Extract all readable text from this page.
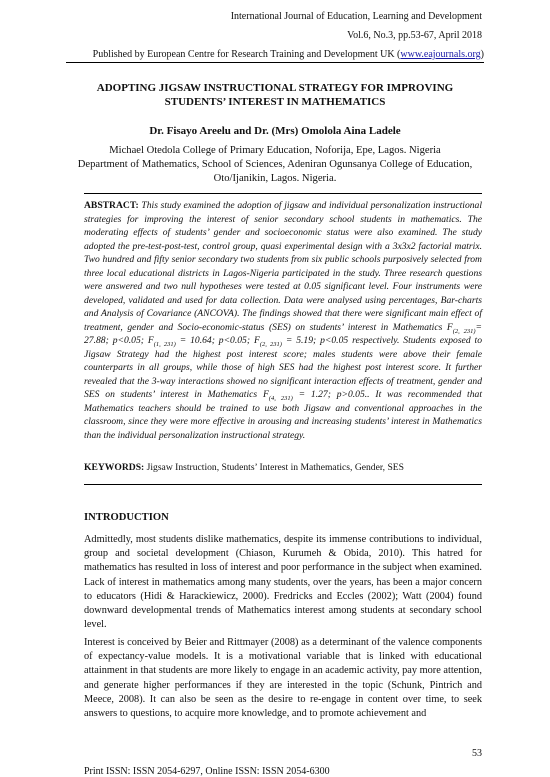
International Journal of Education, Learning and Development
Vol.6, No.3, pp.53-67, April 2018
Published by European Centre for Research Training and Development UK (www.eajournals.org)
ADOPTING JIGSAW INSTRUCTIONAL STRATEGY FOR IMPROVING
STUDENTS’ INTEREST IN MATHEMATICS
Dr. Fisayo Areelu and Dr. (Mrs) Omolola Aina Ladele
Michael Otedola College of Primary Education, Noforija, Epe, Lagos. Nigeria
Department of Mathematics, School of Sciences, Adeniran Ogunsanya College of Education,
Oto/Ijanikin, Lagos. Nigeria.
ABSTRACT: This study examined the adoption of jigsaw and individual personalization instructional strategies for improving the interest of senior secondary school students in mathematics. The moderating effects of students’ gender and socioeconomic status were also examined. The study adopted the pre-test-post-test, control group, quasi experimental design with a 3x3x2 factorial matrix. Two hundred and fifty senior secondary two students from six public schools purposively selected from three local educational districts in Lagos-Nigeria participated in the study. Three research questions were answered and two null hypotheses were tested at 0.05 significant level. Four instruments were developed, validated and used for data collection. Data were analysed using percentages, Bar-charts and Analysis of Covariance (ANCOVA). The findings showed that there were significant main effect of treatment, gender and Socio-economic-status (SES) on students’ interest in Mathematics $F_{(2, 231)}= 27.88$; p<0.05; $F_{(1, 231)} = 10.64$; p<0.05; $F_{(2, 231)} = 5.19$; p<0.05 respectively. Students exposed to Jigsaw Strategy had the highest post interest score; males students were above their female counterparts in all groups, while those of high SES had the highest post interest score. It further revealed that the 3-way interactions showed no significant interaction effects of treatment, gender and SES on students’ interest in Mathematics $F_{(4, 231)} = 1.27$; p>0.05.. It was recommended that Mathematics teachers should be trained to use both Jigsaw and conventional approaches in the classroom, since they were more effective in arousing and increasing students’ interest in Mathematics than the individual personalization instructional strategy.
KEYWORDS: Jigsaw Instruction, Students’ Interest in Mathematics, Gender, SES
INTRODUCTION
Admittedly, most students dislike mathematics, despite its immense contributions to individual, group and societal development (Chiason, Kurumeh & Obida, 2010). This hatred for mathematics has resulted in loss of interest and poor performance in the subject when examined. Lack of interest in mathematics among many students, over the years, has been a major concern to educators (Hidi & Harackiewicz, 2000). Fredricks and Eccles (2002); Watt (2004) found downward developmental trends of Mathematics interest among students at secondary school level.
Interest is conceived by Beier and Rittmayer (2008) as a determinant of the valence components of expectancy-value models. It is a motivational variable that is linked with educational attainment in that students are more likely to engage in an academic activity, pay more attention, and generate higher performances if they are interested in the topic (Schunk, Pintrich and Meece, 2008). It can also be seen as the desire to re-engage in content over time, to seek answers to questions, to acquire more knowledge, and to promote achievement and
53
Print ISSN: ISSN 2054-6297, Online ISSN: ISSN 2054-6300
